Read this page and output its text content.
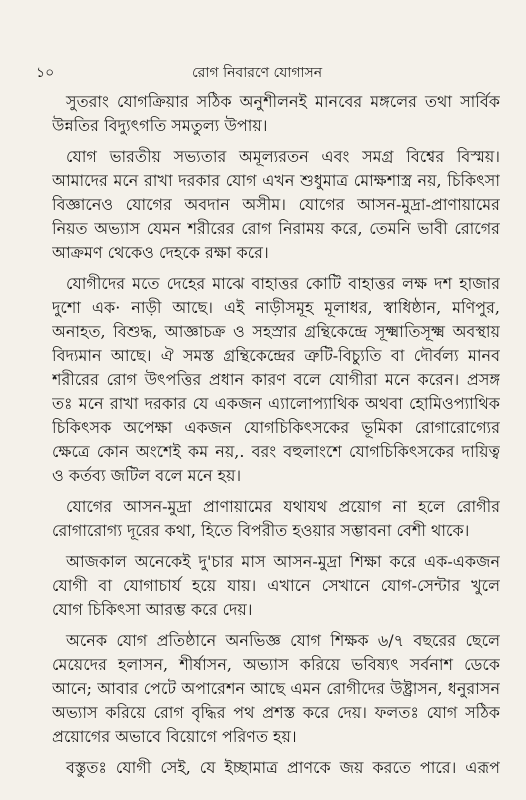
১০	রোগ নিবারণে যোগাসন
সুতরাং যোগক্রিয়ার সঠিক অনুশীলনই মানবের মঙ্গলের তথা সার্বিক
উন্নতির বিদ্যুৎগতি সমতুল্য উপায়।
যোগ ভারতীয় সভ্যতার অমূল্যরতন এবং সমগ্র বিশ্বের বিস্ময়।
আমাদের মনে রাখা দরকার যোগ এখন শুধুমাত্র মোক্ষশাস্ত্র নয়, চিকিৎসা
বিজ্ঞানেও যোগের অবদান অসীম। যোগের আসন-মুদ্রা-প্রাণায়ামের
নিয়ত অভ্যাস যেমন শরীরের রোগ নিরাময় করে, তেমনি ভাবী রোগের
আক্রমণ থেকেও দেহকে রক্ষা করে।
যোগীদের মতে দেহের মাঝে বাহাত্তর কোটি বাহাত্তর লক্ষ দশ হাজার
দুশো এক· নাড়ী আছে। এই নাড়ীসমূহ মূলাধর, স্বাধিষ্ঠান, মণিপুর,
অনাহত, বিশুদ্ধ, আজ্ঞাচক্র ও সহস্রার গ্রন্থিকেন্দ্রে সূক্ষ্মাতিসূক্ষ্ম অবস্থায়
বিদ্যমান আছে। ঐ সমস্ত গ্রন্থিকেন্দ্রের ত্রুটি-বিচ্যুতি বা দৌর্বল্য মানব
শরীরের রোগ উৎপত্তির প্রধান কারণ বলে যোগীরা মনে করেন। প্রসঙ্গ
তঃ মনে রাখা দরকার যে একজন এ্যালোপ্যাথিক অথবা হোমিওপ্যাথিক
চিকিৎসক অপেক্ষা একজন যোগচিকিৎসকের ভূমিকা রোগারোগ্যের
ক্ষেত্রে কোন অংশেই কম নয়,. বরং বহুলাংশে যোগচিকিৎসকের দায়িত্ব
ও কর্তব্য জটিল বলে মনে হয়।
যোগের আসন-মুদ্রা প্রাণায়ামের যথাযথ প্রয়োগ না হলে রোগীর
রোগারোগ্য দূরের কথা, হিতে বিপরীত হওয়ার সম্ভাবনা বেশী থাকে।
আজকাল অনেকেই দু'চার মাস আসন-মুদ্রা শিক্ষা করে এক-একজন
যোগী বা যোগাচার্য হয়ে যায়। এখানে সেখানে যোগ-সেন্টার খুলে
যোগ চিকিৎসা আরম্ভ করে দেয়।
অনেক যোগ প্রতিষ্ঠানে অনভিজ্ঞ যোগ শিক্ষক ৬/৭ বছরের ছেলে
মেয়েদের হলাসন, শীর্ষাসন, অভ্যাস করিয়ে ভবিষ্যৎ সর্বনাশ ডেকে
আনে; আবার পেটে অপারেশন আছে এমন রোগীদের উষ্ট্রাসন, ধনুরাসন
অভ্যাস করিয়ে রোগ বৃদ্ধির পথ প্রশস্ত করে দেয়। ফলতঃ যোগ সঠিক
প্রয়োগের অভাবে বিয়োগে পরিণত হয়।
বস্তুতঃ যোগী সেই, যে ইচ্ছামাত্র প্রাণকে জয় করতে পারে। এরূপ
